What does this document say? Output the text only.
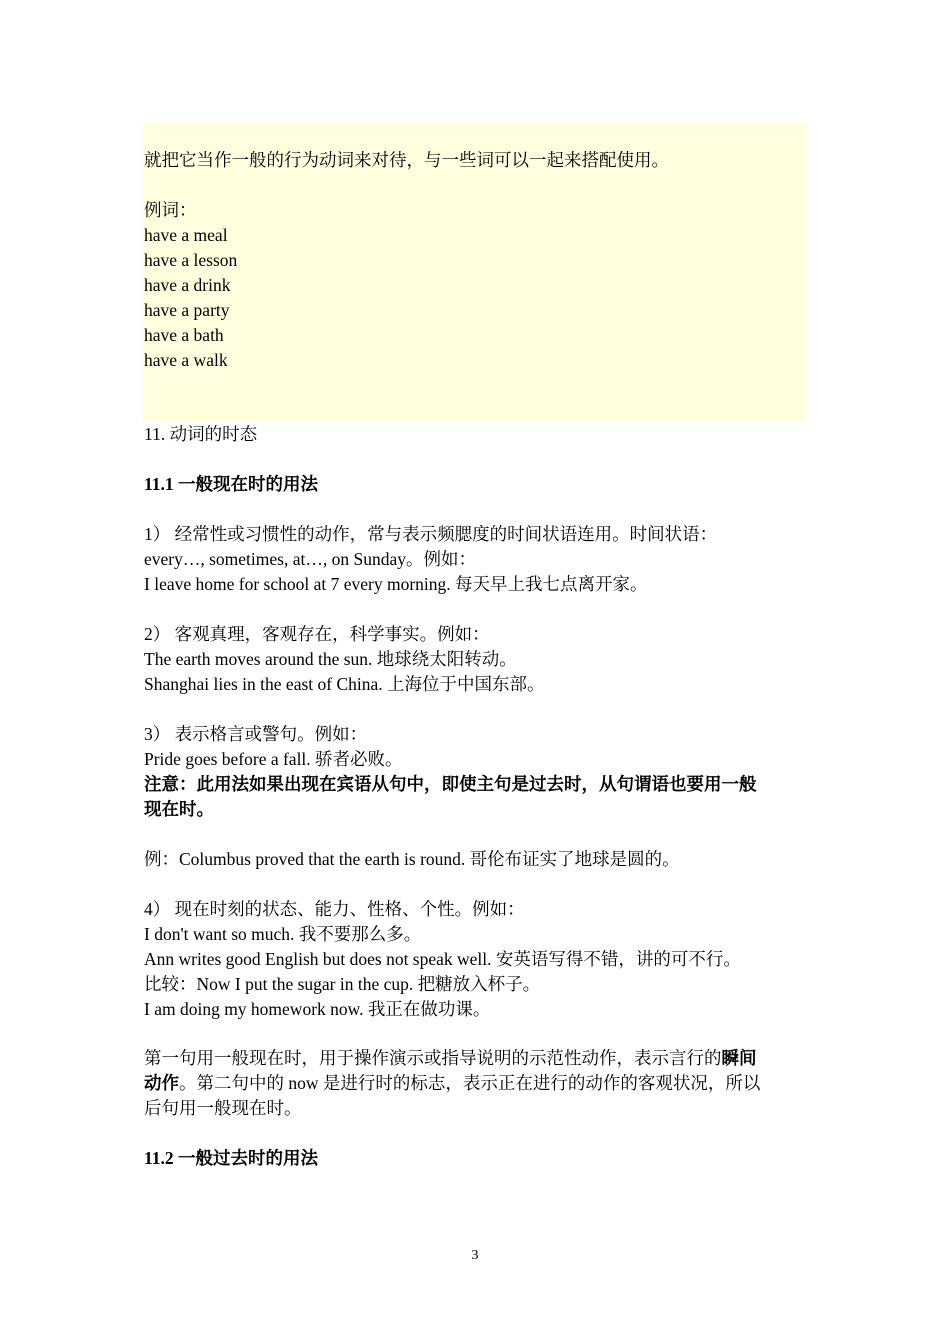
就把它当作一般的行为动词来对待，与一些词可以一起来搭配使用。
例词：
have a meal
have a lesson
have a drink
have a party
have a bath
have a walk
11. 动词的时态
11.1 一般现在时的用法
1） 经常性或习惯性的动作，常与表示频腮度的时间状语连用。时间状语：
every…, sometimes, at…, on Sunday。例如：
I leave home for school at 7 every morning. 每天早上我七点离开家。
2） 客观真理，客观存在，科学事实。例如：
The earth moves around the sun. 地球绕太阳转动。
Shanghai lies in the east of China. 上海位于中国东部。
3） 表示格言或警句。例如：
Pride goes before a fall. 骄者必败。
注意：此用法如果出现在宾语从句中，即使主句是过去时，从句谓语也要用一般
现在时。
例：Columbus proved that the earth is round. 哥伦布证实了地球是圆的。
4） 现在时刻的状态、能力、性格、个性。例如：
I don't want so much. 我不要那么多。
Ann writes good English but does not speak well. 安英语写得不错，讲的可不行。
比较：Now I put the sugar in the cup. 把糖放入杯子。
I am doing my homework now. 我正在做功课。
第一句用一般现在时，用于操作演示或指导说明的示范性动作，表示言行的瞬间
动作。第二句中的 now 是进行时的标志，表示正在进行的动作的客观状况，所以
后句用一般现在时。
11.2 一般过去时的用法
3
